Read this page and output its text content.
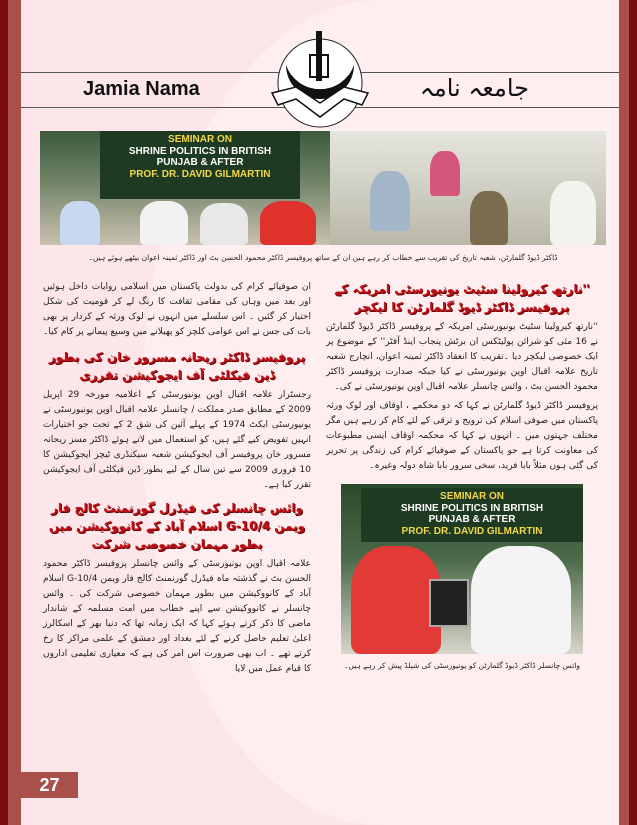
Jamia Nama	جامعہ نامہ
SEMINAR ON
SHRINE POLITICS IN BRITISH
PUNJAB & AFTER
PROF. DR. DAVID GILMARTIN
ڈاکٹر ڈیوڈ گلمارٹن، شعبہ تاریخ کی تقریب سے خطاب کر رہے ہیں ان کے ساتھ پروفیسر ڈاکٹر محمود الحسن بٹ اور ڈاکٹر ثمینہ اعوان بیٹھے ہوئے ہیں۔
''نارتھ کیرولینا سٹیٹ یونیورسٹی امریکہ کے پروفیسر ڈاکٹر ڈیوڈ گلمارٹن کا لیکچر
''نارتھ کیرولینا سٹیٹ یونیورسٹی امریکہ کے پروفیسر ڈاکٹر ڈیوڈ گلمارٹن نے 16 مئی کو شرائن پولیٹکس ان برٹش پنجاب اینڈ آفٹر'' کے موضوع پر ایک خصوصی لیکچر دیا ۔تقریب کا انعقاد ڈاکٹر ثمینہ اعوان، انچارج شعبہ تاریخ علامہ اقبال اوپن یونیورسٹی نے کیا جبکہ صدارت پروفیسر ڈاکٹر محمود الحسن بٹ ، وائس چانسلر علامہ اقبال اوپن یونیورسٹی نے کی۔
پروفیسر ڈاکٹر ڈیوڈ گلمارٹن نے کہا کہ دو محکمے ، اوقاف اور لوک ورثہ پاکستان میں صوفی اسلام کی ترویج و ترقی کے لئے کام کر رہے ہیں مگر مختلف جہتوں میں ۔ انہوں نے کہا کہ محکمہ اوقاف ایسی مطبوعات کی معاونت کرتا ہے جو پاکستان کے صوفیائے کرام کی زندگی پر تحریر کی گئی ہوں مثلاً بابا فرید، سخی سرور بابا شاہ دولہ وغیرہ۔
SEMINAR ON
SHRINE POLITICS IN BRITISH
PUNJAB & AFTER
PROF. DR. DAVID GILMARTIN
وائس چانسلر ڈاکٹر ڈیوڈ گلمارٹن کو یونیورسٹی کی شیلڈ پیش کر رہے ہیں۔
ان صوفیائے کرام کی بدولت پاکستان میں اسلامی روایات داخل ہوئیں اور بعد میں وہاں کی مقامی ثقافت کا رنگ لے کر قومیت کی شکل اختیار کر گئیں ۔ اس سلسلے میں انہوں نے لوک ورثہ کے کردار پر بھی بات کی جس نے اس عوامی کلچر کو پھیلانے میں وسیع پیمانے پر کام کیا۔
پروفیسر ڈاکٹر ریحانہ مسرور خان کی بطور ڈین فیکلٹی آف ایجوکیشن تقرری
رجسٹرار علامہ اقبال اوپن یونیورسٹی کے اعلامیہ مورخہ 29 اپریل 2009 کے مطابق صدر مملکت / چانسلر علامہ اقبال اوپن یونیورسٹی نے یونیورسٹی ایکٹ 1974 کے پہلے آئین کی شق 2 کے تحت جو اختیارات انہیں تفویض کیے گئے ہیں، کو استعمال میں لاتے ہوئے ڈاکٹر مسز ریحانہ مسرور خان پروفیسر آف ایجوکیشن شعبہ سیکنڈری ٹیچر ایجوکیشن کا 10 فروری 2009 سے تین سال کے لیے بطور ڈین فیکلٹی آف ایجوکیشن تقرر کیا ہے۔
وائس چانسلر کی فیڈرل گورنمنٹ کالج فار ویمن G-10/4 اسلام آباد کے کانووکیشن میں بطور مہمان خصوصی شرکت
علامہ اقبال اوپن یونیورسٹی کے وائس چانسلر پروفیسر ڈاکٹر محمود الحسن بٹ نے گذشتہ ماہ فیڈرل گورنمنٹ کالج فار ویمن G-10/4 اسلام آباد کے کانووکیشن میں بطور مہمان خصوصی شرکت کی ۔ وائس چانسلر نے کانووکیشن سے اپنے خطاب میں امت مسلمہ کے شاندار ماضی کا ذکر کرتے ہوئے کہا کہ ایک زمانہ تھا کہ دنیا بھر کے اسکالرز اعلیٰ تعلیم حاصل کرنے کے لئے بغداد اور دمشق کے علمی مراکز کا رخ کرتے تھے ۔ اب بھی ضرورت اس امر کی ہے کہ معیاری تعلیمی اداروں کا قیام عمل میں لایا
27
